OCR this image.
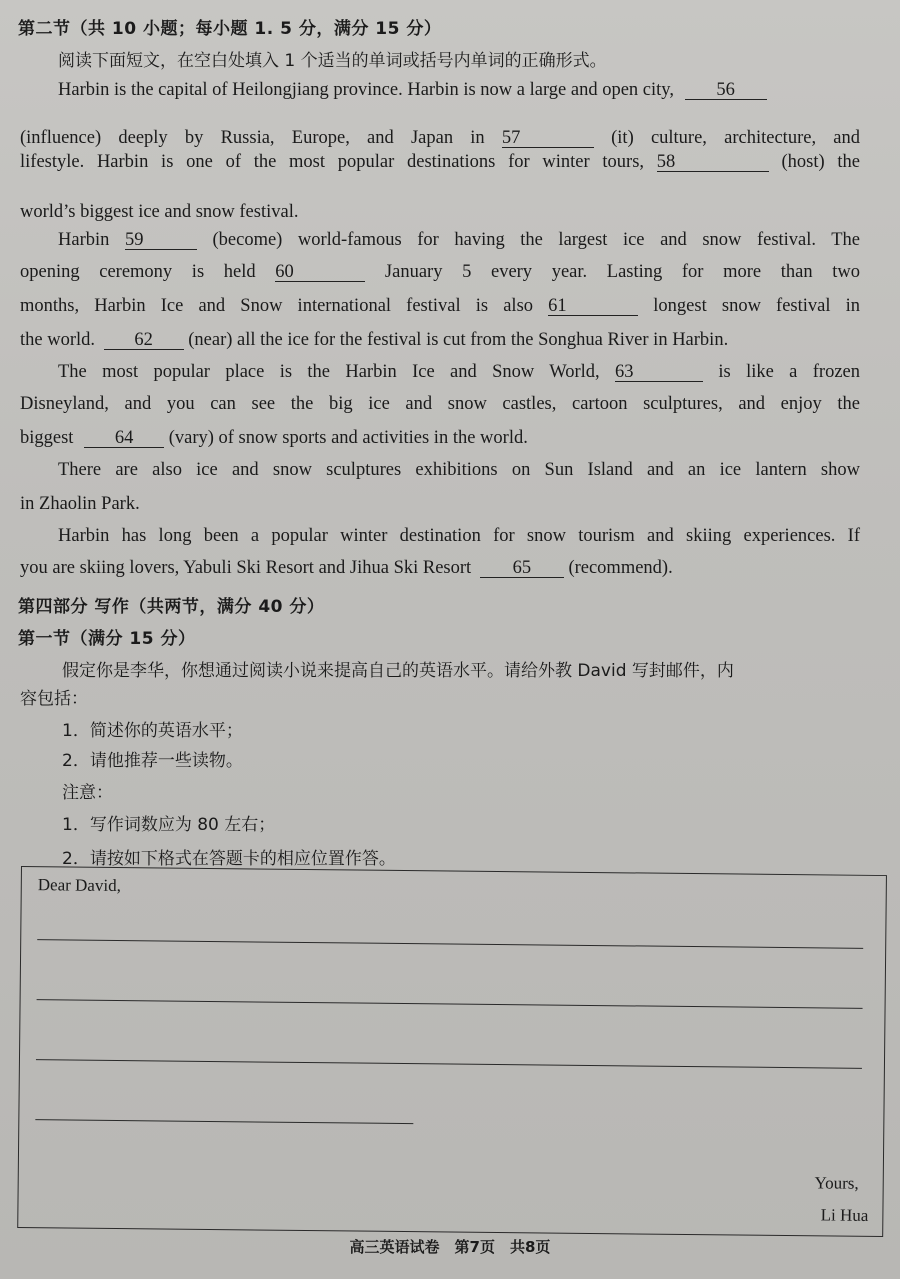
第二节（共 10 小题；每小题 1. 5 分，满分 15 分）
阅读下面短文，在空白处填入 1 个适当的单词或括号内单词的正确形式。
Harbin is the capital of Heilongjiang province. Harbin is now a large and open city, 56
(influence) deeply by Russia, Europe, and Japan in 57	(it) culture, architecture, and
lifestyle. Harbin is one of the most popular destinations for winter tours, 58	(host) the
world’s biggest ice and snow festival.
Harbin 59	(become) world-famous for having the largest ice and snow festival. The
opening ceremony is held 60	January 5 every year. Lasting for more than two
months, Harbin Ice and Snow international festival is also 61	longest snow festival in
the world. 62 (near) all the ice for the festival is cut from the Songhua River in Harbin.
The most popular place is the Harbin Ice and Snow World, 63	is like a frozen
Disneyland, and you can see the big ice and snow castles, cartoon sculptures, and enjoy the
biggest 64 (vary) of snow sports and activities in the world.
There are also ice and snow sculptures exhibitions on Sun Island and an ice lantern show
in Zhaolin Park.
Harbin has long been a popular winter destination for snow tourism and skiing experiences. If
you are skiing lovers, Yabuli Ski Resort and Jihua Ski Resort 65 (recommend).
第四部分 写作（共两节，满分 40 分）
第一节（满分 15 分）
假定你是李华，你想通过阅读小说来提高自己的英语水平。请给外教 David 写封邮件，内
容包括：
1．简述你的英语水平；
2．请他推荐一些读物。
注意：
1．写作词数应为 80 左右；
2．请按如下格式在答题卡的相应位置作答。
Dear David,
Yours,
Li Hua
高三英语试卷　第7页　共8页
